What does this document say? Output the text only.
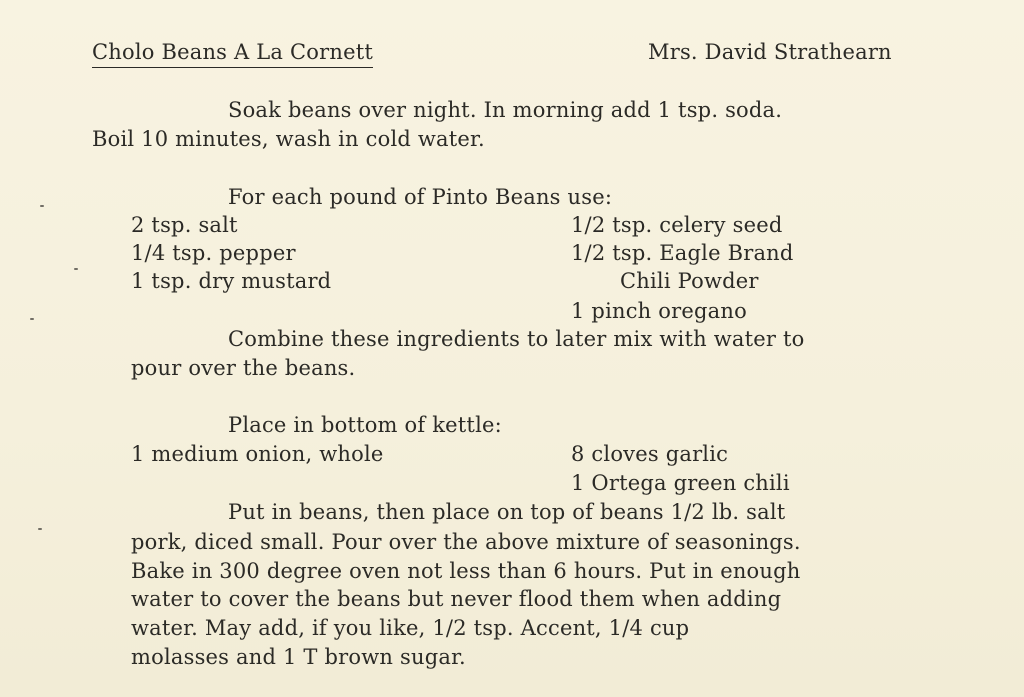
Cholo Beans A La Cornett	Mrs. David Strathearn
Soak beans over night. In morning add 1 tsp. soda.
Boil 10 minutes, wash in cold water.
For each pound of Pinto Beans use:
2 tsp. salt
1/4 tsp. pepper
1 tsp. dry mustard
1/2 tsp. celery seed
1/2 tsp. Eagle Brand
Chili Powder
1 pinch oregano
Combine these ingredients to later mix with water to
pour over the beans.
Place in bottom of kettle:
1 medium onion, whole	8 cloves garlic
1 Ortega green chili
Put in beans, then place on top of beans 1/2 lb. salt
pork, diced small. Pour over the above mixture of seasonings.
Bake in 300 degree oven not less than 6 hours. Put in enough
water to cover the beans but never flood them when adding
water. May add, if you like, 1/2 tsp. Accent, 1/4 cup
molasses and 1 T brown sugar.
